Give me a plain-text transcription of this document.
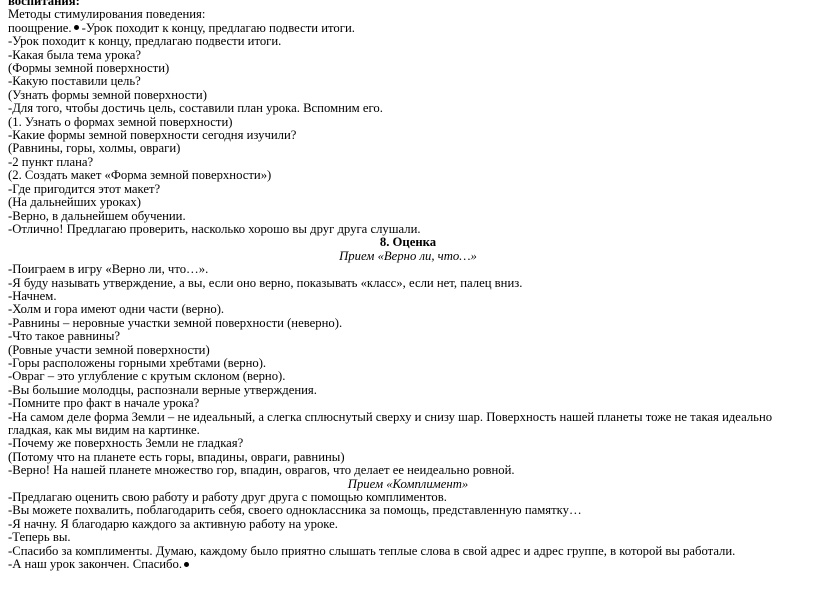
воспитания:
Методы стимулирования поведения:
поощрение. -Урок походит к концу, предлагаю подвести итоги.
-Урок походит к концу, предлагаю подвести итоги.
-Какая была тема урока?
(Формы земной поверхности)
-Какую поставили цель?
(Узнать формы земной поверхности)
-Для того, чтобы достичь цель, составили план урока. Вспомним его.
(1. Узнать о формах земной поверхности)
-Какие формы земной поверхности сегодня изучили?
(Равнины, горы, холмы, овраги)
-2 пункт плана?
(2. Создать макет «Форма земной поверхности»)
-Где пригодится этот макет?
(На дальнейших уроках)
-Верно, в дальнейшем обучении.
-Отлично! Предлагаю проверить, насколько хорошо вы друг друга слушали.
8. Оценка
Прием «Верно ли, что…»
-Поиграем в игру «Верно ли, что…».
-Я буду называть утверждение, а вы, если оно верно, показывать «класс», если нет, палец вниз.
-Начнем.
-Холм и гора имеют одни части (верно).
-Равнины – неровные участки земной поверхности (неверно).
-Что такое равнины?
(Ровные участи земной поверхности)
-Горы расположены горными хребтами (верно).
-Овраг – это углубление с крутым склоном (верно).
-Вы большие молодцы, распознали верные утверждения.
-Помните про факт в начале урока?
-На самом деле форма Земли – не идеальный, а слегка сплюснутый сверху и снизу шар. Поверхность нашей планеты тоже не такая идеально гладкая, как мы видим на картинке.
-Почему же поверхность Земли не гладкая?
(Потому что на планете есть горы, впадины, овраги, равнины)
-Верно! На нашей планете множество гор, впадин, оврагов, что делает ее неидеально ровной.
Прием «Комплимент»
-Предлагаю оценить свою работу и работу друг друга с помощью комплиментов.
-Вы можете похвалить, поблагодарить себя, своего одноклассника за помощь, представленную памятку…
-Я начну. Я благодарю каждого за активную работу на уроке.
-Теперь вы.
-Спасибо за комплименты. Думаю, каждому было приятно слышать теплые слова в свой адрес и адрес группе, в которой вы работали.
-А наш урок закончен. Спасибо.
